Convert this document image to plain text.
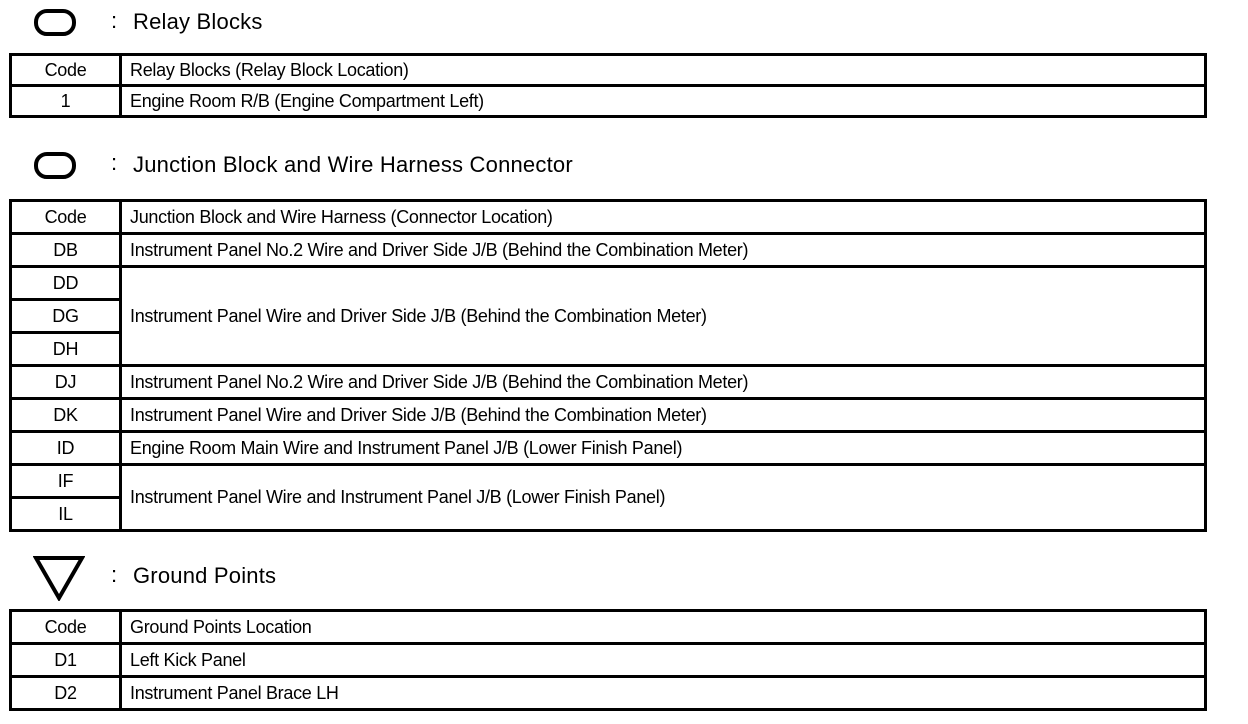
: Relay Blocks
Code	Relay Blocks (Relay Block Location)
1	Engine Room R/B (Engine Compartment Left)
: Junction Block and Wire Harness Connector
Code	Junction Block and Wire Harness (Connector Location)
DB	Instrument Panel No.2 Wire and Driver Side J/B (Behind the Combination Meter)
DD	Instrument Panel Wire and Driver Side J/B (Behind the Combination Meter)
DG	
DH	
DJ	Instrument Panel No.2 Wire and Driver Side J/B (Behind the Combination Meter)
DK	Instrument Panel Wire and Driver Side J/B (Behind the Combination Meter)
ID	Engine Room Main Wire and Instrument Panel J/B (Lower Finish Panel)
IF	Instrument Panel Wire and Instrument Panel J/B (Lower Finish Panel)
IL	
: Ground Points
Code	Ground Points Location
D1	Left Kick Panel
D2	Instrument Panel Brace LH
